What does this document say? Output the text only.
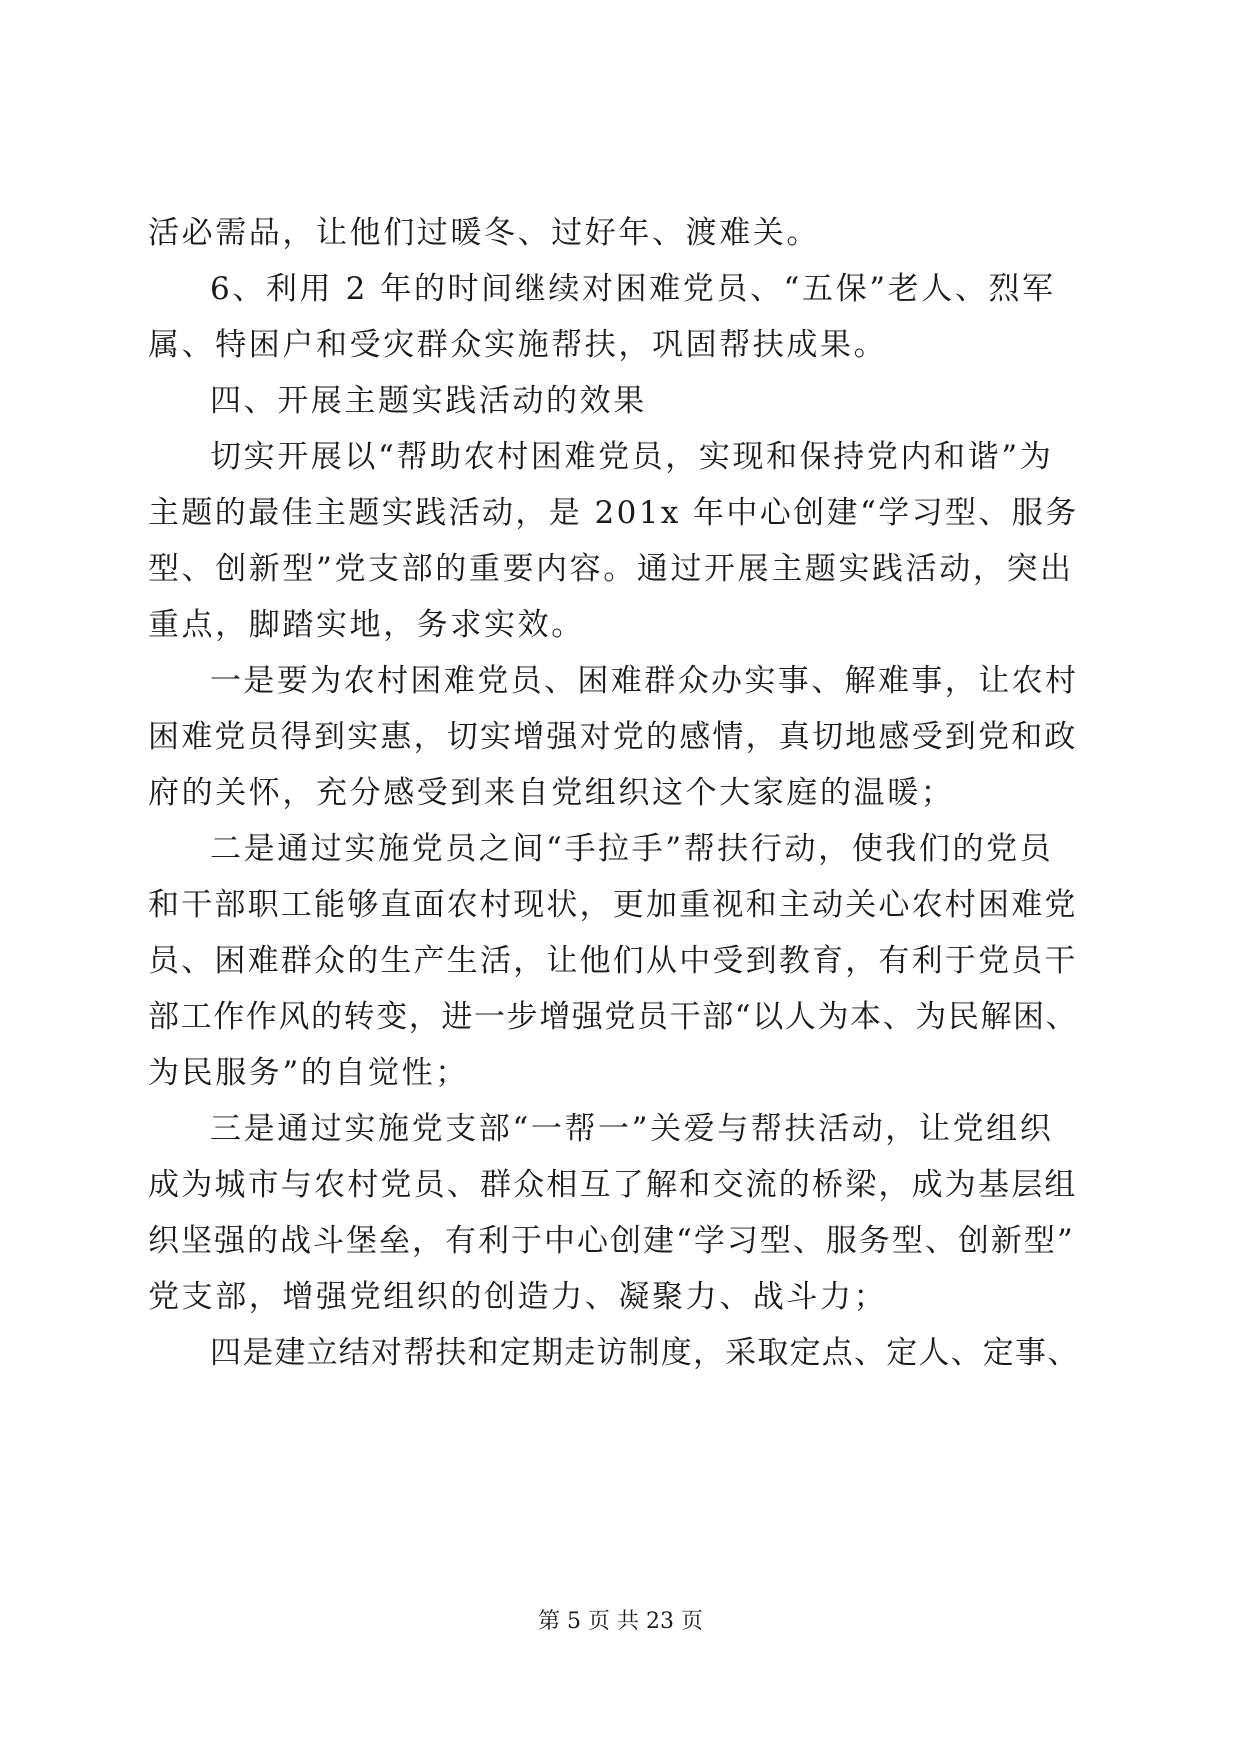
活必需品，让他们过暖冬、过好年、渡难关。
6、利用 2 年的时间继续对困难党员、“五保”老人、烈军
属、特困户和受灾群众实施帮扶，巩固帮扶成果。
四、开展主题实践活动的效果
切实开展以“帮助农村困难党员，实现和保持党内和谐”为
主题的最佳主题实践活动，是 201x 年中心创建“学习型、服务
型、创新型”党支部的重要内容。通过开展主题实践活动，突出
重点，脚踏实地，务求实效。
一是要为农村困难党员、困难群众办实事、解难事，让农村
困难党员得到实惠，切实增强对党的感情，真切地感受到党和政
府的关怀，充分感受到来自党组织这个大家庭的温暖；
二是通过实施党员之间“手拉手”帮扶行动，使我们的党员
和干部职工能够直面农村现状，更加重视和主动关心农村困难党
员、困难群众的生产生活，让他们从中受到教育，有利于党员干
部工作作风的转变，进一步增强党员干部“以人为本、为民解困、
为民服务”的自觉性；
三是通过实施党支部“一帮一”关爱与帮扶活动，让党组织
成为城市与农村党员、群众相互了解和交流的桥梁，成为基层组
织坚强的战斗堡垒，有利于中心创建“学习型、服务型、创新型”
党支部，增强党组织的创造力、凝聚力、战斗力；
四是建立结对帮扶和定期走访制度，采取定点、定人、定事、
第 5 页 共 23 页
